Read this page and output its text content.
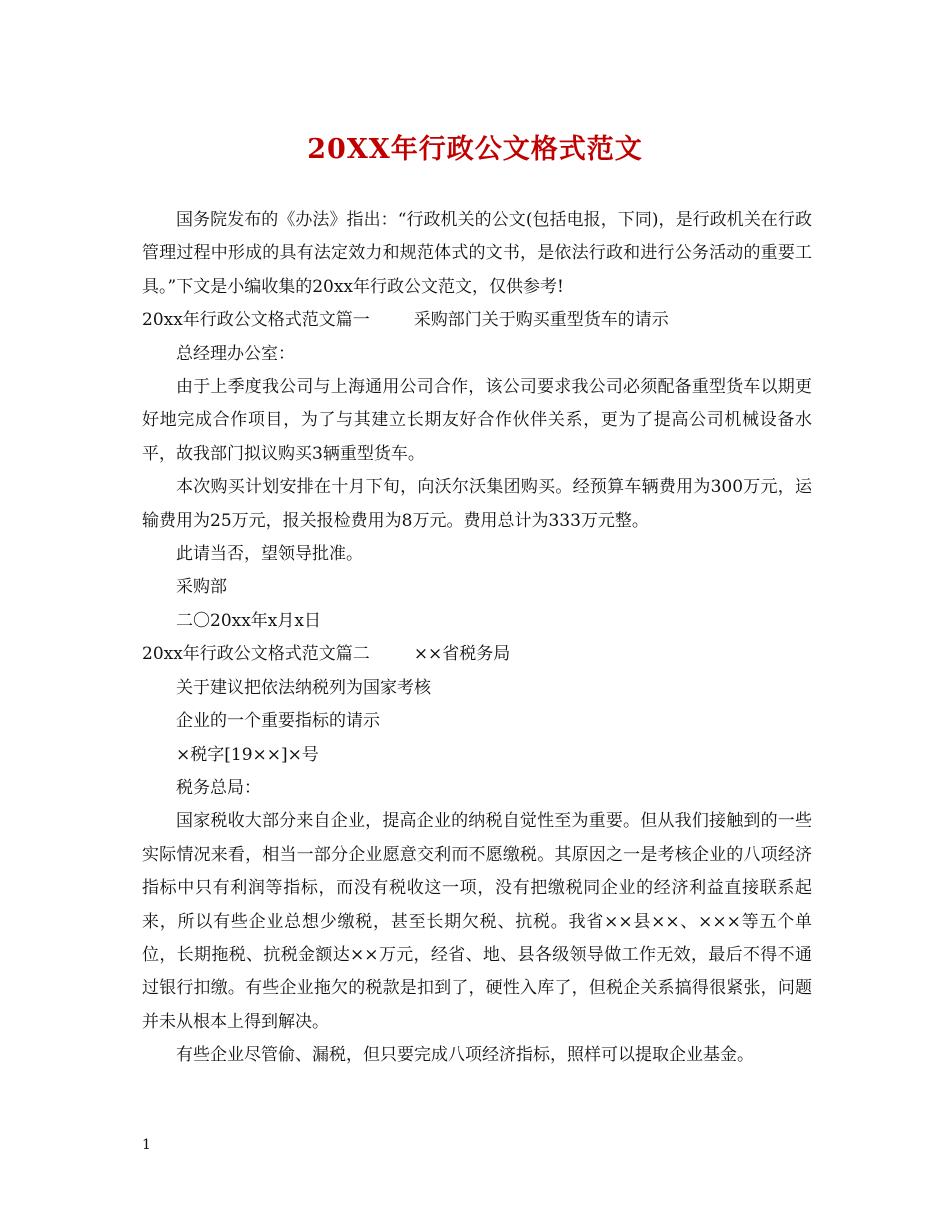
20XX年行政公文格式范文

国务院发布的《办法》指出：“行政机关的公文(包括电报，下同)，是行政机关在行政管理过程中形成的具有法定效力和规范体式的文书，是依法行政和进行公务活动的重要工具。”下文是小编收集的20xx年行政公文范文，仅供参考!

20xx年行政公文格式范文篇一	采购部门关于购买重型货车的请示

总经理办公室：

由于上季度我公司与上海通用公司合作，该公司要求我公司必须配备重型货车以期更好地完成合作项目，为了与其建立长期友好合作伙伴关系，更为了提高公司机械设备水平，故我部门拟议购买3辆重型货车。

本次购买计划安排在十月下旬，向沃尔沃集团购买。经预算车辆费用为300万元，运输费用为25万元，报关报检费用为8万元。费用总计为333万元整。

此请当否，望领导批准。

采购部

二〇20xx年x月x日

20xx年行政公文格式范文篇二	××省税务局

关于建议把依法纳税列为国家考核

企业的一个重要指标的请示

×税字[19××]×号

税务总局：

国家税收大部分来自企业，提高企业的纳税自觉性至为重要。但从我们接触到的一些实际情况来看，相当一部分企业愿意交利而不愿缴税。其原因之一是考核企业的八项经济指标中只有利润等指标，而没有税收这一项，没有把缴税同企业的经济利益直接联系起来，所以有些企业总想少缴税，甚至长期欠税、抗税。我省××县××、×××等五个单位，长期拖税、抗税金额达××万元，经省、地、县各级领导做工作无效，最后不得不通过银行扣缴。有些企业拖欠的税款是扣到了，硬性入库了，但税企关系搞得很紧张，问题并未从根本上得到解决。

有些企业尽管偷、漏税，但只要完成八项经济指标，照样可以提取企业基金。

1
